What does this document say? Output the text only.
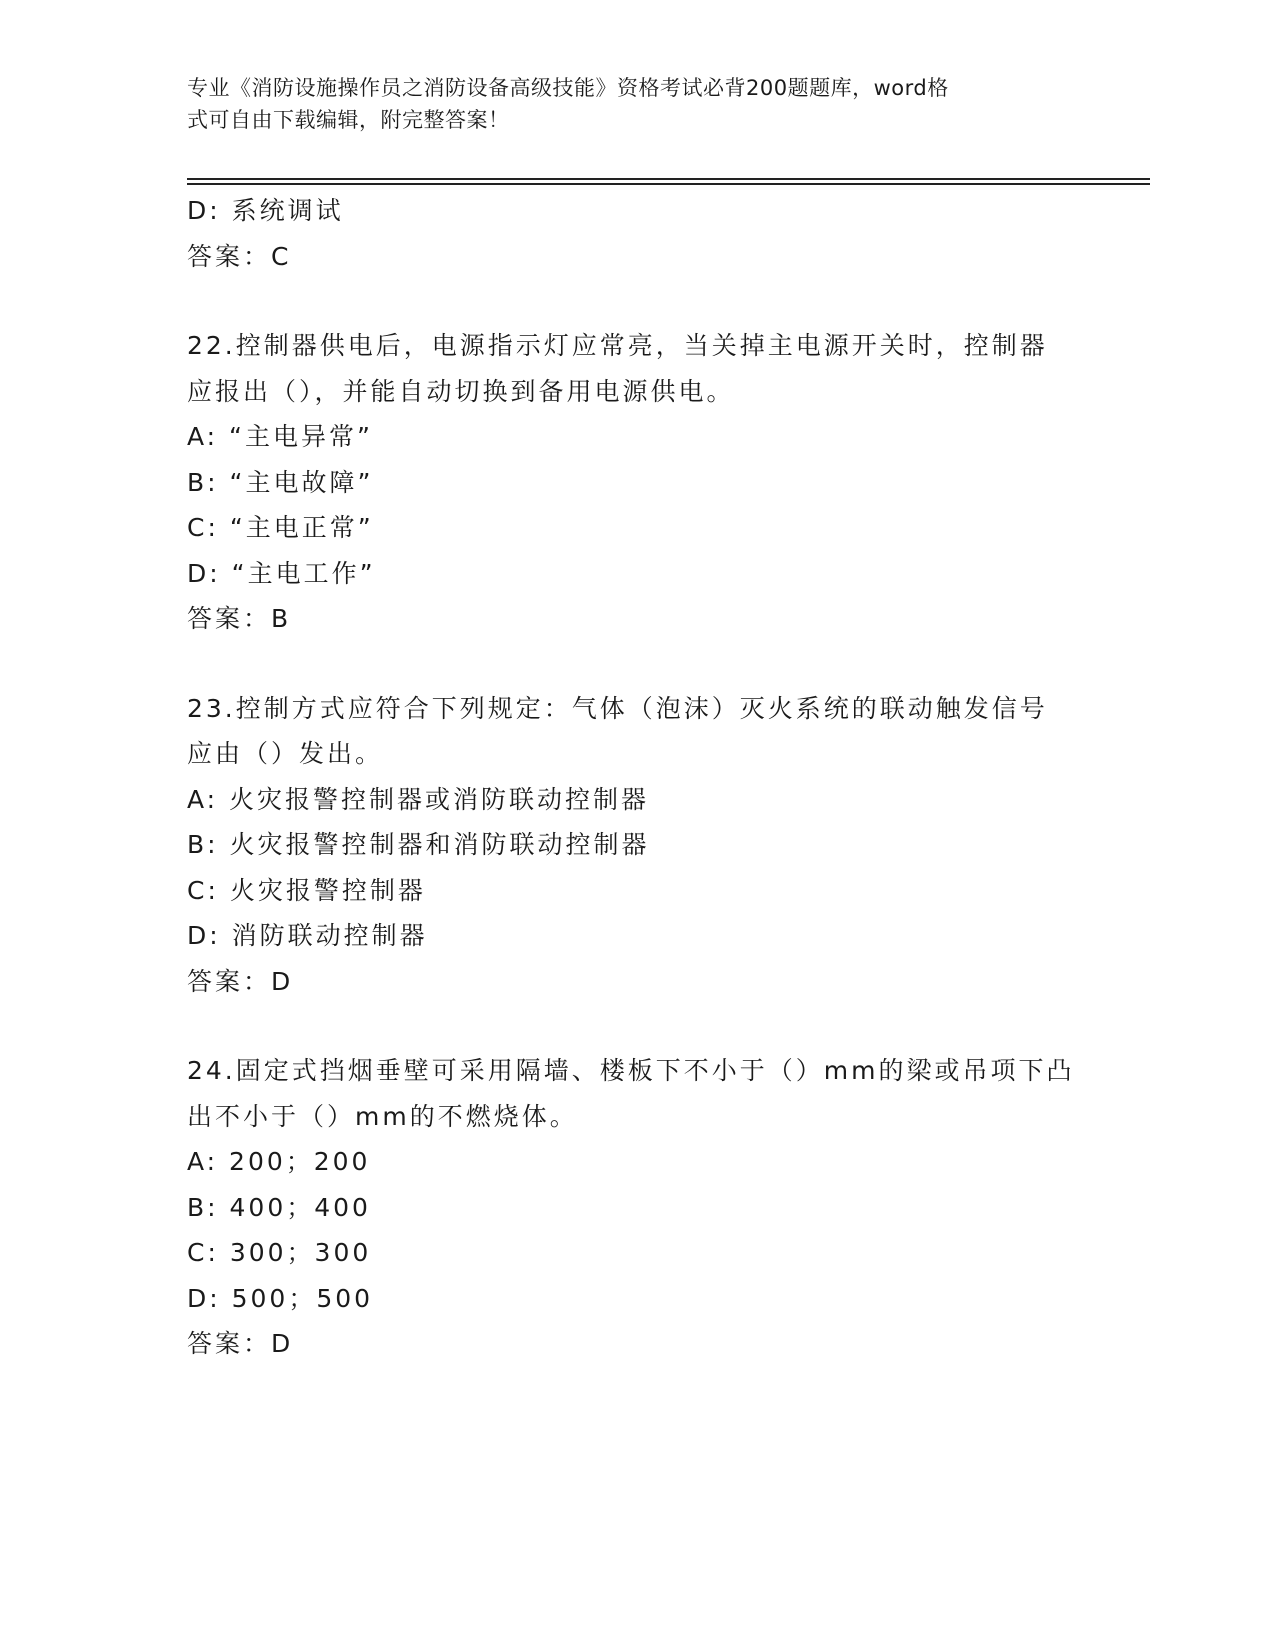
专业《消防设施操作员之消防设备高级技能》资格考试必背200题题库，word格
式可自由下载编辑，附完整答案！
D: 系统调试
答案：C
22.控制器供电后，电源指示灯应常亮，当关掉主电源开关时，控制器
应报出（），并能自动切换到备用电源供电。
A: “主电异常”
B: “主电故障”
C: “主电正常”
D: “主电工作”
答案：B
23.控制方式应符合下列规定：气体（泡沫）灭火系统的联动触发信号
应由（）发出。
A: 火灾报警控制器或消防联动控制器
B: 火灾报警控制器和消防联动控制器
C: 火灾报警控制器
D: 消防联动控制器
答案：D
24.固定式挡烟垂壁可采用隔墙、楼板下不小于（）mm的梁或吊项下凸
出不小于（）mm的不燃烧体。
A: 200；200
B: 400；400
C: 300；300
D: 500；500
答案：D
